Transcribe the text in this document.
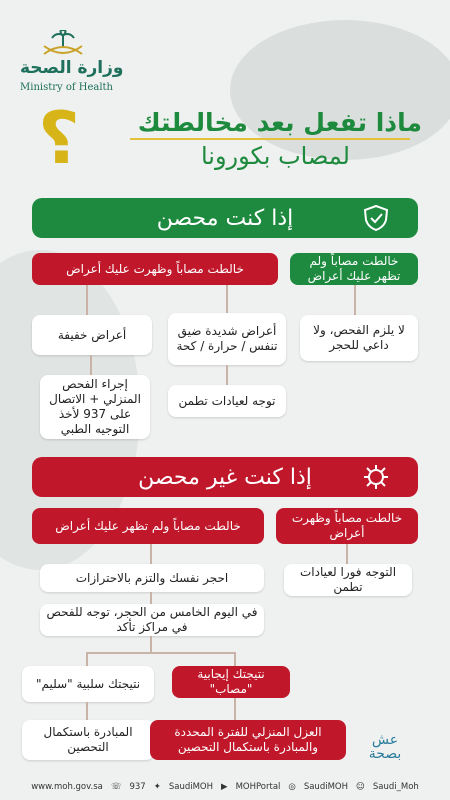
وزارة الصحة
Ministry of Health
؟ ماذا تفعل بعد مخالطتك
لمصاب بكورونا
إذا كنت محصن
خالطت مصاباً وظهرت عليك أعراض
خالطت مصاباً ولم تظهر عليك أعراض
لا يلزم الفحص، ولا داعي للحجر
أعراض خفيفة	أعراض شديدة ضيق تنفس / حرارة / كحة
إجراء الفحص المنزلي + الاتصال على 937 لأخذ التوجيه الطبي
توجه لعيادات تطمن
إذا كنت غير محصن
خالطت مصاباً ولم تظهر عليك أعراض
خالطت مصاباً وظهرت أعراض
التوجه فورا لعيادات تطمن
احجر نفسك والتزم بالاحترازات
في اليوم الخامس من الحجر، توجه للفحص في مراكز تأكد
نتيجتك سلبية "سليم"
نتيجتك إيجابية "مصاب"
المبادرة باستكمال التحصين
العزل المنزلي للفترة المحددة والمبادرة باستكمال التحصين	عش بصحة
www.moh.gov.sa ☏ 937 ✦ SaudiMOH ▶ MOHPortal ◎ SaudiMOH ☺ Saudi_Moh
